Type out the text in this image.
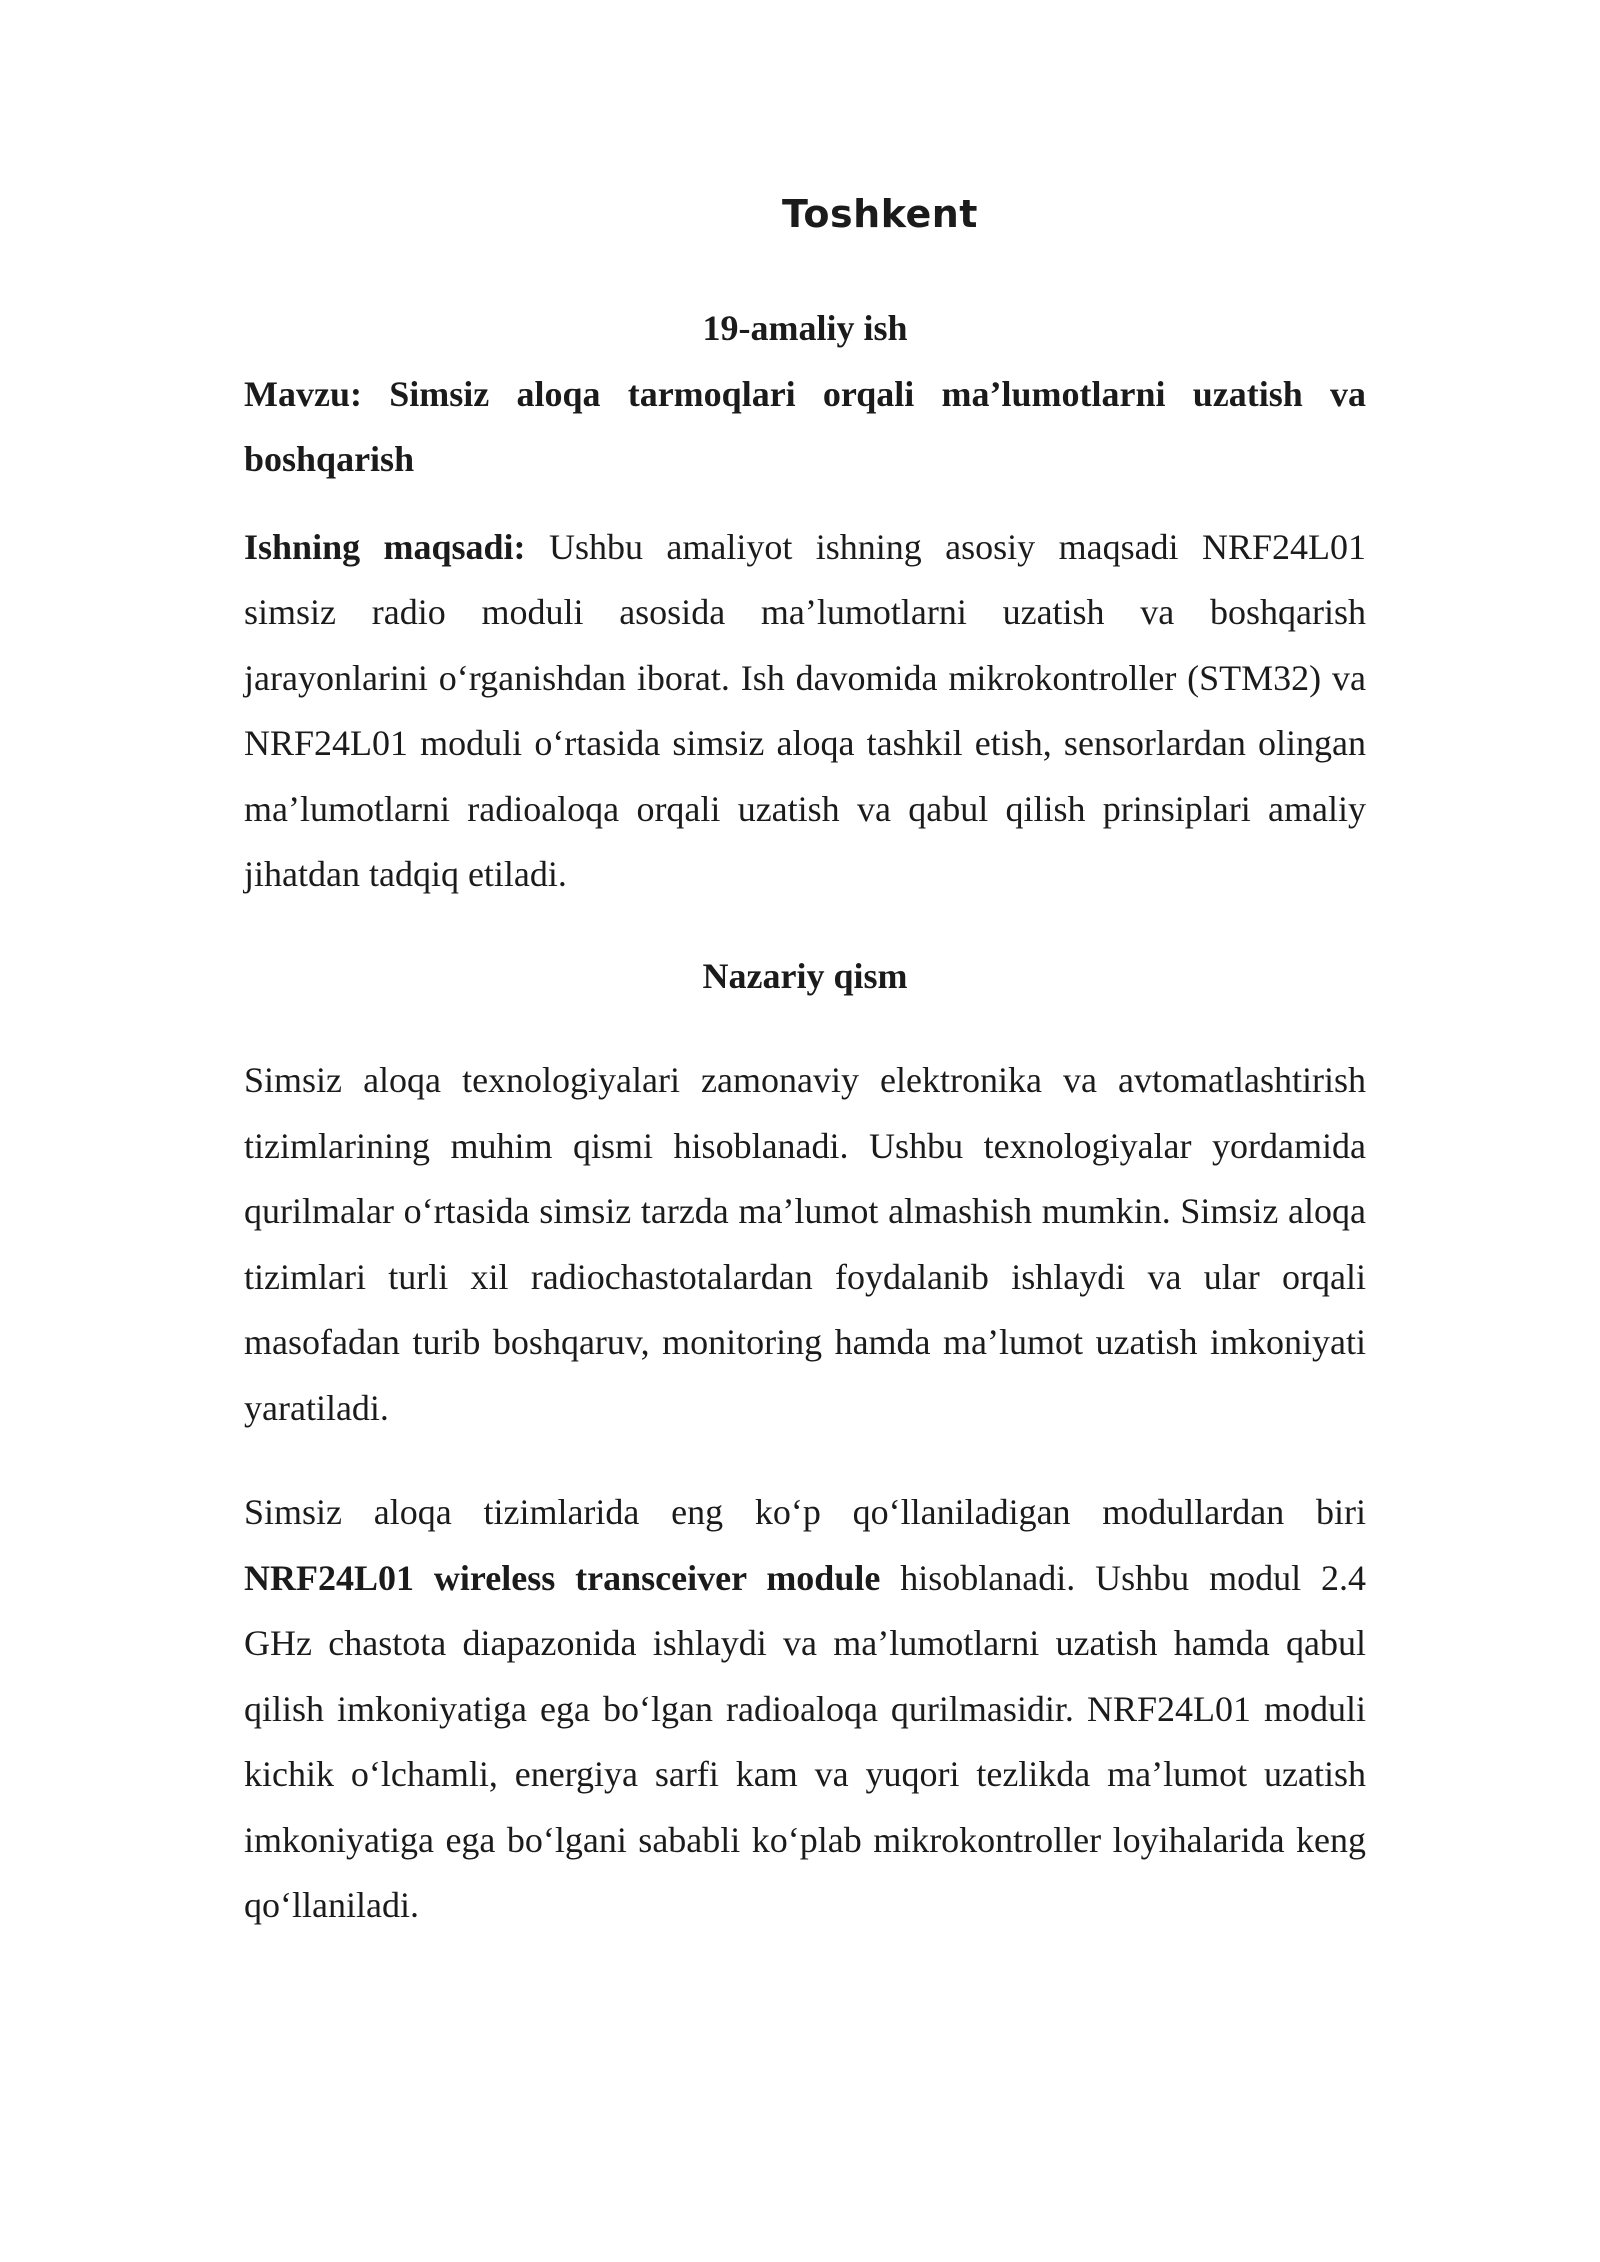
Toshkent

19-amaliy ish

Mavzu: Simsiz aloqa tarmoqlari orqali ma’lumotlarni uzatish va boshqarish

Ishning maqsadi: Ushbu amaliyot ishning asosiy maqsadi NRF24L01 simsiz radio moduli asosida ma’lumotlarni uzatish va boshqarish jarayonlarini o‘rganishdan iborat. Ish davomida mikrokontroller (STM32) va NRF24L01 moduli o‘rtasida simsiz aloqa tashkil etish, sensorlardan olingan ma’lumotlarni radioaloqa orqali uzatish va qabul qilish prinsiplari amaliy jihatdan tadqiq etiladi.

Nazariy qism

Simsiz aloqa texnologiyalari zamonaviy elektronika va avtomatlashtirish tizimlarining muhim qismi hisoblanadi. Ushbu texnologiyalar yordamida qurilmalar o‘rtasida simsiz tarzda ma’lumot almashish mumkin. Simsiz aloqa tizimlari turli xil radiochastotalardan foydalanib ishlaydi va ular orqali masofadan turib boshqaruv, monitoring hamda ma’lumot uzatish imkoniyati yaratiladi.

Simsiz aloqa tizimlarida eng ko‘p qo‘llaniladigan modullardan biri NRF24L01 wireless transceiver module hisoblanadi. Ushbu modul 2.4 GHz chastota diapazonida ishlaydi va ma’lumotlarni uzatish hamda qabul qilish imkoniyatiga ega bo‘lgan radioaloqa qurilmasidir. NRF24L01 moduli kichik o‘lchamli, energiya sarfi kam va yuqori tezlikda ma’lumot uzatish imkoniyatiga ega bo‘lgani sababli ko‘plab mikrokontroller loyihalarida keng qo‘llaniladi.
